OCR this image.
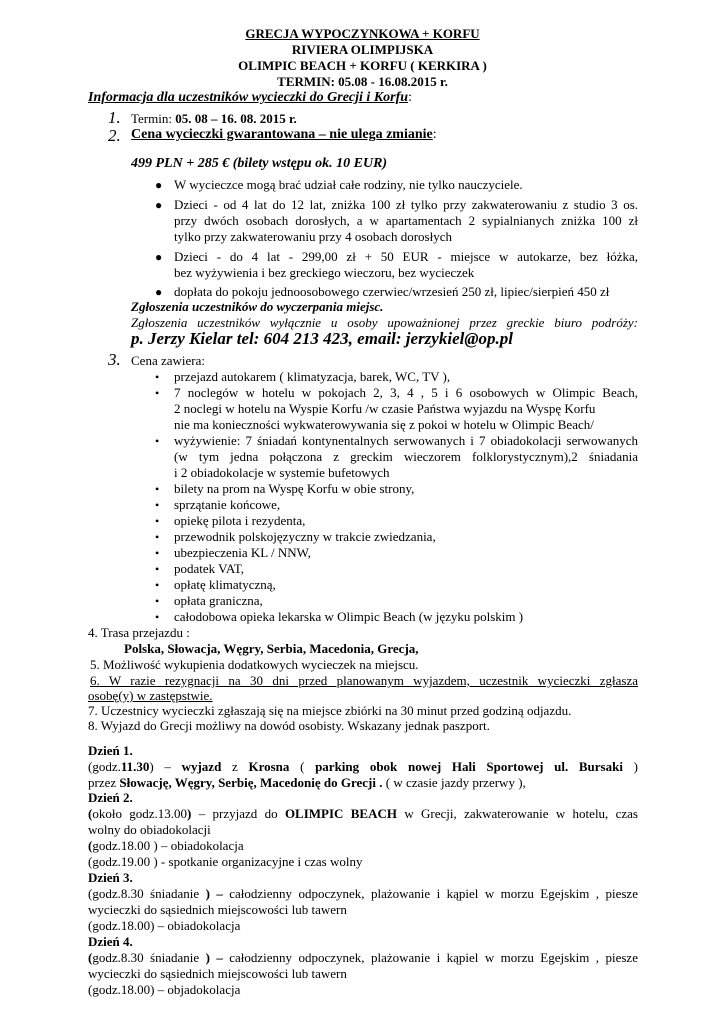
GRECJA WYPOCZYNKOWA + KORFU
RIVIERA OLIMPIJSKA
OLIMPIC BEACH + KORFU ( KERKIRA )
TERMIN: 05.08 - 16.08.2015 r.
Informacja dla uczestników wycieczki do Grecji i Korfu:
1. Termin: 05. 08 – 16. 08. 2015 r.
2. Cena wycieczki gwarantowana – nie ulega zmianie:
499 PLN + 285 € (bilety wstępu ok. 10 EUR)
● W wycieczce mogą brać udział całe rodziny, nie tylko nauczyciele.
● Dzieci - od 4 lat do 12 lat, zniżka 100 zł tylko przy zakwaterowaniu z studio 3 os.
przy dwóch osobach dorosłych, a w apartamentach 2 sypialnianych zniżka 100 zł
tylko przy zakwaterowaniu przy 4 osobach dorosłych
● Dzieci - do 4 lat - 299,00 zł + 50 EUR - miejsce w autokarze, bez łóżka,
bez wyżywienia i bez greckiego wieczoru, bez wycieczek
● dopłata do pokoju jednoosobowego czerwiec/wrzesień 250 zł, lipiec/sierpień 450 zł
Zgłoszenia uczestników do wyczerpania miejsc.
Zgłoszenia uczestników wyłącznie u osoby upoważnionej przez greckie biuro podróży:
p. Jerzy Kielar tel: 604 213 423, email: jerzykiel@op.pl
3. Cena zawiera:
• przejazd autokarem ( klimatyzacja, barek, WC, TV ),
• 7 noclegów w hotelu w pokojach 2, 3, 4 , 5 i 6 osobowych w Olimpic Beach,
2 noclegi w hotelu na Wyspie Korfu /w czasie Państwa wyjazdu na Wyspę Korfu
nie ma konieczności wykwaterowywania się z pokoi w hotelu w Olimpic Beach/
• wyżywienie: 7 śniadań kontynentalnych serwowanych i 7 obiadokolacji serwowanych
(w tym jedna połączona z greckim wieczorem folklorystycznym),2 śniadania
i 2 obiadokolacje w systemie bufetowych
• bilety na prom na Wyspę Korfu w obie strony,
• sprzątanie końcowe,
• opiekę pilota i rezydenta,
• przewodnik polskojęzyczny w trakcie zwiedzania,
• ubezpieczenia KL / NNW,
• podatek VAT,
• opłatę klimatyczną,
• opłata graniczna,
• całodobowa opieka lekarska w Olimpic Beach (w języku polskim )
4. Trasa przejazdu :
Polska, Słowacja, Węgry, Serbia, Macedonia, Grecja,
5. Możliwość wykupienia dodatkowych wycieczek na miejscu.
6. W razie rezygnacji na 30 dni przed planowanym wyjazdem, uczestnik wycieczki zgłasza
osobę(y) w zastępstwie.
7. Uczestnicy wycieczki zgłaszają się na miejsce zbiórki na 30 minut przed godziną odjazdu.
8. Wyjazd do Grecji możliwy na dowód osobisty. Wskazany jednak paszport.
Dzień 1.
(godz.11.30) – wyjazd z Krosna ( parking obok nowej Hali Sportowej ul. Bursaki )
przez Słowację, Węgry, Serbię, Macedonię do Grecji . ( w czasie jazdy przerwy ),
Dzień 2.
(około godz.13.00) – przyjazd do OLIMPIC BEACH w Grecji, zakwaterowanie w hotelu, czas
wolny do obiadokolacji
(godz.18.00 ) – obiadokolacja
(godz.19.00 ) - spotkanie organizacyjne i czas wolny
Dzień 3.
(godz.8.30 śniadanie ) – całodzienny odpoczynek, plażowanie i kąpiel w morzu Egejskim , piesze
wycieczki do sąsiednich miejscowości lub tawern
(godz.18.00) – obiadokolacja
Dzień 4.
(godz.8.30 śniadanie ) – całodzienny odpoczynek, plażowanie i kąpiel w morzu Egejskim , piesze
wycieczki do sąsiednich miejscowości lub tawern
(godz.18.00) – objadokolacja
